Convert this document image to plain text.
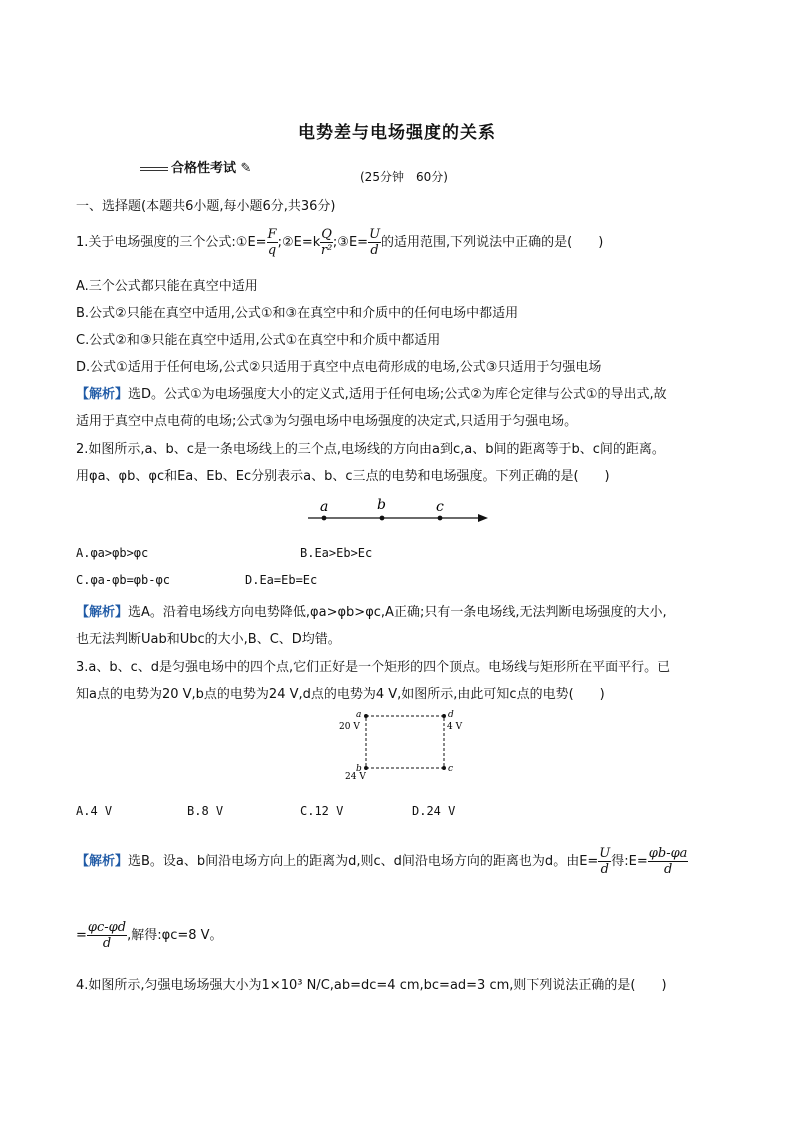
电势差与电场强度的关系
合格性考试 ✎
(25分钟　60分)
一、选择题(本题共6小题,每小题6分,共36分)
1.关于电场强度的三个公式:①E= $\frac{F}{q}$ ;②E=k $\frac{Q}{\text{r²}}$ ;③E= $\frac{U}{d}$ 的适用范围,下列说法中正确的是(　　)
A.三个公式都只能在真空中适用
B.公式②只能在真空中适用,公式①和③在真空中和介质中的任何电场中都适用
C.公式②和③只能在真空中适用,公式①在真空中和介质中都适用
D.公式①适用于任何电场,公式②只适用于真空中点电荷形成的电场,公式③只适用于匀强电场
【解析】选D。公式①为电场强度大小的定义式,适用于任何电场;公式②为库仑定律与公式①的导出式,故
适用于真空中点电荷的电场;公式③为匀强电场中电场强度的决定式,只适用于匀强电场。
2.如图所示,a、b、c是一条电场线上的三个点,电场线的方向由a到c,a、b间的距离等于b、c间的距离。
用φa、φb、φc和Ea、Eb、Ec分别表示a、b、c三点的电势和电场强度。下列正确的是(　　)
a	b	c
A.φa>φb>φc	B.Ea>Eb>Ec
C.φa-φb=φb-φc	D.Ea=Eb=Ec
【解析】选A。沿着电场线方向电势降低,φa>φb>φc,A正确;只有一条电场线,无法判断电场强度的大小,
也无法判断Uab和Ubc的大小,B、C、D均错。
3.a、b、c、d是匀强电场中的四个点,它们正好是一个矩形的四个顶点。电场线与矩形所在平面平行。已
知a点的电势为20 V,b点的电势为24 V,d点的电势为4 V,如图所示,由此可知c点的电势(　　)
a	d
b	c
20 V	4 V
24 V
A.4 V	B.8 V	C.12 V	D.24 V
【解析】选B。设a、b间沿电场方向上的距离为d,则c、d间沿电场方向的距离也为d。由$E= \frac{U}{d}$ 得:E= $\frac{\varphi b-\varphi a}{d}$
= $\frac{\varphi c-\varphi d}{d}$ ,解得:φc=8 V。
4.如图所示,匀强电场场强大小为1×10³ N/C,ab=dc=4 cm,bc=ad=3 cm,则下列说法正确的是(　　)
